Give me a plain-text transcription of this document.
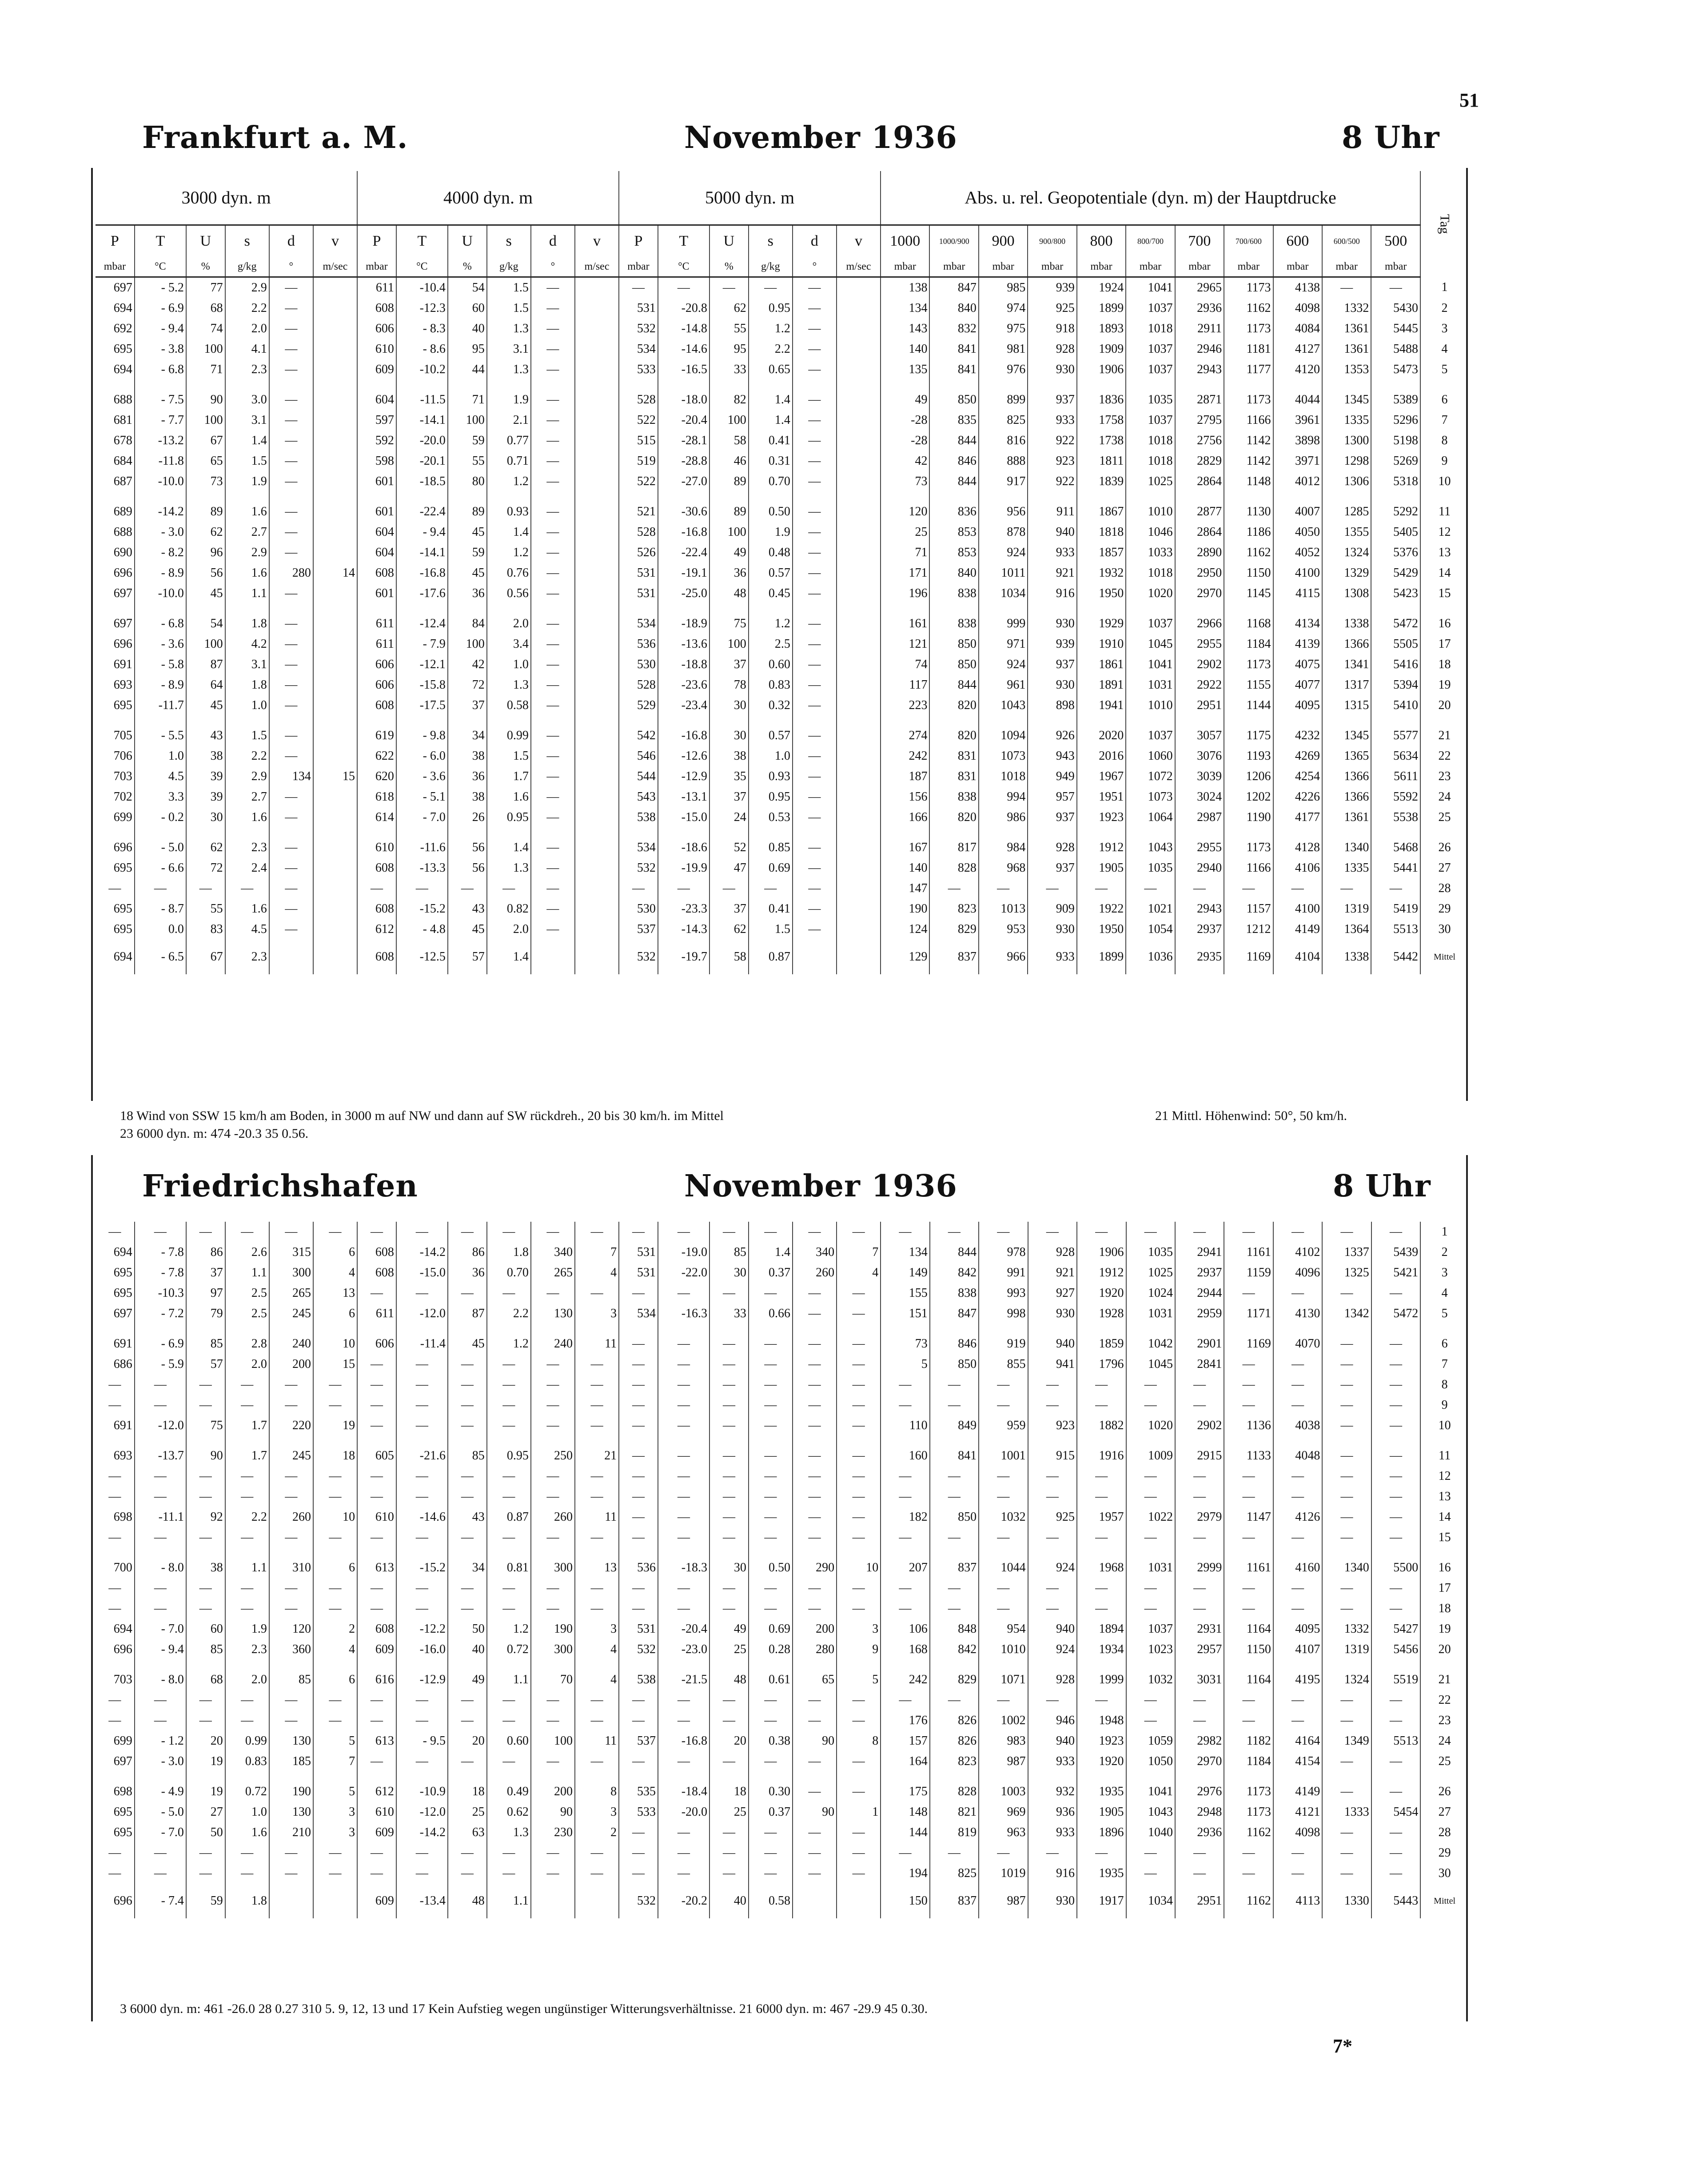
51
Frankfurt a. M.	November 1936	8 Uhr
3000 dyn. m						4000 dyn. m						5000 dyn. m						Abs. u. rel. Geopotentiale (dyn. m) der Hauptdrucke											Tag
P	T	U	s	d	v	P	T	U	s	d	v	P	T	U	s	d	v	1000	1000/900	900	900/800	800	800/700	700	700/600	600	600/500	500	
mbar	°C	%	g/kg	°	m/sec	mbar	°C	%	g/kg	°	m/sec	mbar	°C	%	g/kg	°	m/sec	mbar	mbar	mbar	mbar	mbar	mbar	mbar	mbar	mbar	mbar	mbar	
697	- 5.2	77	2.9	—		611	-10.4	54	1.5	—		—	—	—	—	—		138	847	985	939	1924	1041	2965	1173	4138	—	—	1
694	- 6.9	68	2.2	—		608	-12.3	60	1.5	—		531	-20.8	62	0.95	—		134	840	974	925	1899	1037	2936	1162	4098	1332	5430	2
692	- 9.4	74	2.0	—		606	- 8.3	40	1.3	—		532	-14.8	55	1.2	—		143	832	975	918	1893	1018	2911	1173	4084	1361	5445	3
695	- 3.8	100	4.1	—		610	- 8.6	95	3.1	—		534	-14.6	95	2.2	—		140	841	981	928	1909	1037	2946	1181	4127	1361	5488	4
694	- 6.8	71	2.3	—		609	-10.2	44	1.3	—		533	-16.5	33	0.65	—		135	841	976	930	1906	1037	2943	1177	4120	1353	5473	5

688	- 7.5	90	3.0	—		604	-11.5	71	1.9	—		528	-18.0	82	1.4	—		49	850	899	937	1836	1035	2871	1173	4044	1345	5389	6
681	- 7.7	100	3.1	—		597	-14.1	100	2.1	—		522	-20.4	100	1.4	—		-28	835	825	933	1758	1037	2795	1166	3961	1335	5296	7
678	-13.2	67	1.4	—		592	-20.0	59	0.77	—		515	-28.1	58	0.41	—		-28	844	816	922	1738	1018	2756	1142	3898	1300	5198	8
684	-11.8	65	1.5	—		598	-20.1	55	0.71	—		519	-28.8	46	0.31	—		42	846	888	923	1811	1018	2829	1142	3971	1298	5269	9
687	-10.0	73	1.9	—		601	-18.5	80	1.2	—		522	-27.0	89	0.70	—		73	844	917	922	1839	1025	2864	1148	4012	1306	5318	10

689	-14.2	89	1.6	—		601	-22.4	89	0.93	—		521	-30.6	89	0.50	—		120	836	956	911	1867	1010	2877	1130	4007	1285	5292	11
688	- 3.0	62	2.7	—		604	- 9.4	45	1.4	—		528	-16.8	100	1.9	—		25	853	878	940	1818	1046	2864	1186	4050	1355	5405	12
690	- 8.2	96	2.9	—		604	-14.1	59	1.2	—		526	-22.4	49	0.48	—		71	853	924	933	1857	1033	2890	1162	4052	1324	5376	13
696	- 8.9	56	1.6	280	14	608	-16.8	45	0.76	—		531	-19.1	36	0.57	—		171	840	1011	921	1932	1018	2950	1150	4100	1329	5429	14
697	-10.0	45	1.1	—		601	-17.6	36	0.56	—		531	-25.0	48	0.45	—		196	838	1034	916	1950	1020	2970	1145	4115	1308	5423	15

697	- 6.8	54	1.8	—		611	-12.4	84	2.0	—		534	-18.9	75	1.2	—		161	838	999	930	1929	1037	2966	1168	4134	1338	5472	16
696	- 3.6	100	4.2	—		611	- 7.9	100	3.4	—		536	-13.6	100	2.5	—		121	850	971	939	1910	1045	2955	1184	4139	1366	5505	17
691	- 5.8	87	3.1	—		606	-12.1	42	1.0	—		530	-18.8	37	0.60	—		74	850	924	937	1861	1041	2902	1173	4075	1341	5416	18
693	- 8.9	64	1.8	—		606	-15.8	72	1.3	—		528	-23.6	78	0.83	—		117	844	961	930	1891	1031	2922	1155	4077	1317	5394	19
695	-11.7	45	1.0	—		608	-17.5	37	0.58	—		529	-23.4	30	0.32	—		223	820	1043	898	1941	1010	2951	1144	4095	1315	5410	20

705	- 5.5	43	1.5	—		619	- 9.8	34	0.99	—		542	-16.8	30	0.57	—		274	820	1094	926	2020	1037	3057	1175	4232	1345	5577	21
706	1.0	38	2.2	—		622	- 6.0	38	1.5	—		546	-12.6	38	1.0	—		242	831	1073	943	2016	1060	3076	1193	4269	1365	5634	22
703	4.5	39	2.9	134	15	620	- 3.6	36	1.7	—		544	-12.9	35	0.93	—		187	831	1018	949	1967	1072	3039	1206	4254	1366	5611	23
702	3.3	39	2.7	—		618	- 5.1	38	1.6	—		543	-13.1	37	0.95	—		156	838	994	957	1951	1073	3024	1202	4226	1366	5592	24
699	- 0.2	30	1.6	—		614	- 7.0	26	0.95	—		538	-15.0	24	0.53	—		166	820	986	937	1923	1064	2987	1190	4177	1361	5538	25

696	- 5.0	62	2.3	—		610	-11.6	56	1.4	—		534	-18.6	52	0.85	—		167	817	984	928	1912	1043	2955	1173	4128	1340	5468	26
695	- 6.6	72	2.4	—		608	-13.3	56	1.3	—		532	-19.9	47	0.69	—		140	828	968	937	1905	1035	2940	1166	4106	1335	5441	27
—	—	—	—	—		—	—	—	—	—		—	—	—	—	—		147	—	—	—	—	—	—	—	—	—	—	28
695	- 8.7	55	1.6	—		608	-15.2	43	0.82	—		530	-23.3	37	0.41	—		190	823	1013	909	1922	1021	2943	1157	4100	1319	5419	29
695	0.0	83	4.5	—		612	- 4.8	45	2.0	—		537	-14.3	62	1.5	—		124	829	953	930	1950	1054	2937	1212	4149	1364	5513	30
694	- 6.5	67	2.3			608	-12.5	57	1.4			532	-19.7	58	0.87			129	837	966	933	1899	1036	2935	1169	4104	1338	5442	Mittel
18 Wind von SSW 15 km/h am Boden, in 3000 m auf NW und dann auf SW rückdreh., 20 bis 30 km/h. im Mittel	21 Mittl. Höhenwind: 50°, 50 km/h.
23 6000 dyn. m: 474 -20.3 35 0.56.
Friedrichshafen	November 1936	8 Uhr
—	—	—	—	—	—	—	—	—	—	—	—	—	—	—	—	—	—	—	—	—	—	—	—	—	—	—	—	—	1
694	- 7.8	86	2.6	315	6	608	-14.2	86	1.8	340	7	531	-19.0	85	1.4	340	7	134	844	978	928	1906	1035	2941	1161	4102	1337	5439	2
695	- 7.8	37	1.1	300	4	608	-15.0	36	0.70	265	4	531	-22.0	30	0.37	260	4	149	842	991	921	1912	1025	2937	1159	4096	1325	5421	3
695	-10.3	97	2.5	265	13	—	—	—	—	—	—	—	—	—	—	—	—	155	838	993	927	1920	1024	2944	—	—	—	—	4
697	- 7.2	79	2.5	245	6	611	-12.0	87	2.2	130	3	534	-16.3	33	0.66	—	—	151	847	998	930	1928	1031	2959	1171	4130	1342	5472	5

691	- 6.9	85	2.8	240	10	606	-11.4	45	1.2	240	11	—	—	—	—	—	—	73	846	919	940	1859	1042	2901	1169	4070	—	—	6
686	- 5.9	57	2.0	200	15	—	—	—	—	—	—	—	—	—	—	—	—	5	850	855	941	1796	1045	2841	—	—	—	—	7
—	—	—	—	—	—	—	—	—	—	—	—	—	—	—	—	—	—	—	—	—	—	—	—	—	—	—	—	—	8
—	—	—	—	—	—	—	—	—	—	—	—	—	—	—	—	—	—	—	—	—	—	—	—	—	—	—	—	—	9
691	-12.0	75	1.7	220	19	—	—	—	—	—	—	—	—	—	—	—	—	110	849	959	923	1882	1020	2902	1136	4038	—	—	10

693	-13.7	90	1.7	245	18	605	-21.6	85	0.95	250	21	—	—	—	—	—	—	160	841	1001	915	1916	1009	2915	1133	4048	—	—	11
—	—	—	—	—	—	—	—	—	—	—	—	—	—	—	—	—	—	—	—	—	—	—	—	—	—	—	—	—	12
—	—	—	—	—	—	—	—	—	—	—	—	—	—	—	—	—	—	—	—	—	—	—	—	—	—	—	—	—	13
698	-11.1	92	2.2	260	10	610	-14.6	43	0.87	260	11	—	—	—	—	—	—	182	850	1032	925	1957	1022	2979	1147	4126	—	—	14
—	—	—	—	—	—	—	—	—	—	—	—	—	—	—	—	—	—	—	—	—	—	—	—	—	—	—	—	—	15

700	- 8.0	38	1.1	310	6	613	-15.2	34	0.81	300	13	536	-18.3	30	0.50	290	10	207	837	1044	924	1968	1031	2999	1161	4160	1340	5500	16
—	—	—	—	—	—	—	—	—	—	—	—	—	—	—	—	—	—	—	—	—	—	—	—	—	—	—	—	—	17
—	—	—	—	—	—	—	—	—	—	—	—	—	—	—	—	—	—	—	—	—	—	—	—	—	—	—	—	—	18
694	- 7.0	60	1.9	120	2	608	-12.2	50	1.2	190	3	531	-20.4	49	0.69	200	3	106	848	954	940	1894	1037	2931	1164	4095	1332	5427	19
696	- 9.4	85	2.3	360	4	609	-16.0	40	0.72	300	4	532	-23.0	25	0.28	280	9	168	842	1010	924	1934	1023	2957	1150	4107	1319	5456	20

703	- 8.0	68	2.0	85	6	616	-12.9	49	1.1	70	4	538	-21.5	48	0.61	65	5	242	829	1071	928	1999	1032	3031	1164	4195	1324	5519	21
—	—	—	—	—	—	—	—	—	—	—	—	—	—	—	—	—	—	—	—	—	—	—	—	—	—	—	—	—	22
—	—	—	—	—	—	—	—	—	—	—	—	—	—	—	—	—	—	176	826	1002	946	1948	—	—	—	—	—	—	23
699	- 1.2	20	0.99	130	5	613	- 9.5	20	0.60	100	11	537	-16.8	20	0.38	90	8	157	826	983	940	1923	1059	2982	1182	4164	1349	5513	24
697	- 3.0	19	0.83	185	7	—	—	—	—	—	—	—	—	—	—	—	—	164	823	987	933	1920	1050	2970	1184	4154	—	—	25

698	- 4.9	19	0.72	190	5	612	-10.9	18	0.49	200	8	535	-18.4	18	0.30	—	—	175	828	1003	932	1935	1041	2976	1173	4149	—	—	26
695	- 5.0	27	1.0	130	3	610	-12.0	25	0.62	90	3	533	-20.0	25	0.37	90	1	148	821	969	936	1905	1043	2948	1173	4121	1333	5454	27
695	- 7.0	50	1.6	210	3	609	-14.2	63	1.3	230	2	—	—	—	—	—	—	144	819	963	933	1896	1040	2936	1162	4098	—	—	28
—	—	—	—	—	—	—	—	—	—	—	—	—	—	—	—	—	—	—	—	—	—	—	—	—	—	—	—	—	29
—	—	—	—	—	—	—	—	—	—	—	—	—	—	—	—	—	—	194	825	1019	916	1935	—	—	—	—	—	—	30
696	- 7.4	59	1.8			609	-13.4	48	1.1			532	-20.2	40	0.58			150	837	987	930	1917	1034	2951	1162	4113	1330	5443	Mittel
3 6000 dyn. m: 461 -26.0 28 0.27 310 5. 9, 12, 13 und 17 Kein Aufstieg wegen ungünstiger Witterungsverhältnisse. 21 6000 dyn. m: 467 -29.9 45 0.30.
7*
